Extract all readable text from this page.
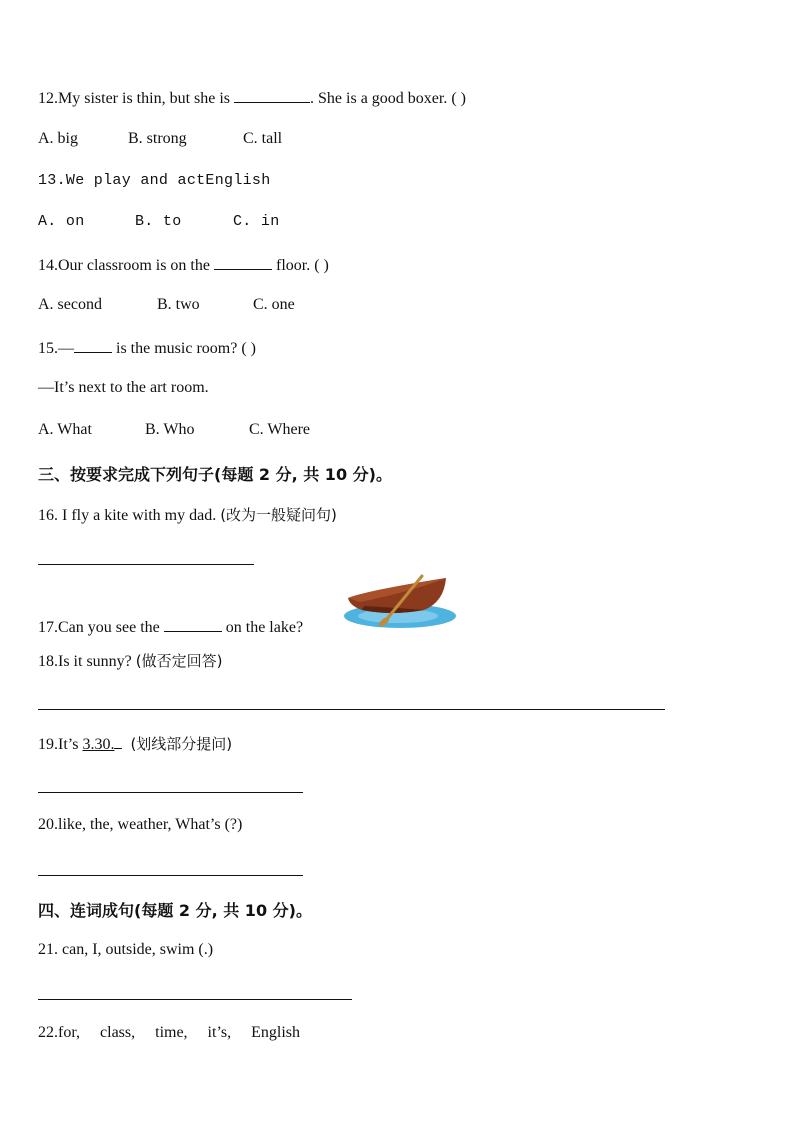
12.My sister is thin, but she is	. She is a good boxer. ( )
A. big	B. strong	C. tall
13.We play and actEnglish
A. on	B. to	C. in
14.Our classroom is on the	floor. ( )
A. second	B. two	C. one
15.— is the music room? ( )
—It’s next to the art room.
A. What	B. Who	C. Where
三、按要求完成下列句子(每题 2 分, 共 10 分)。
16. I fly a kite with my dad. (改为一般疑问句)
17.Can you see the	on the lake?
18.Is it sunny? (做否定回答)
19.It’s 3.30. (划线部分提问)
20.like, the, weather, What’s (?)
四、连词成句(每题 2 分, 共 10 分)。
21. can, I, outside, swim (.)
22.for,     class,     time,     it’s,     English
